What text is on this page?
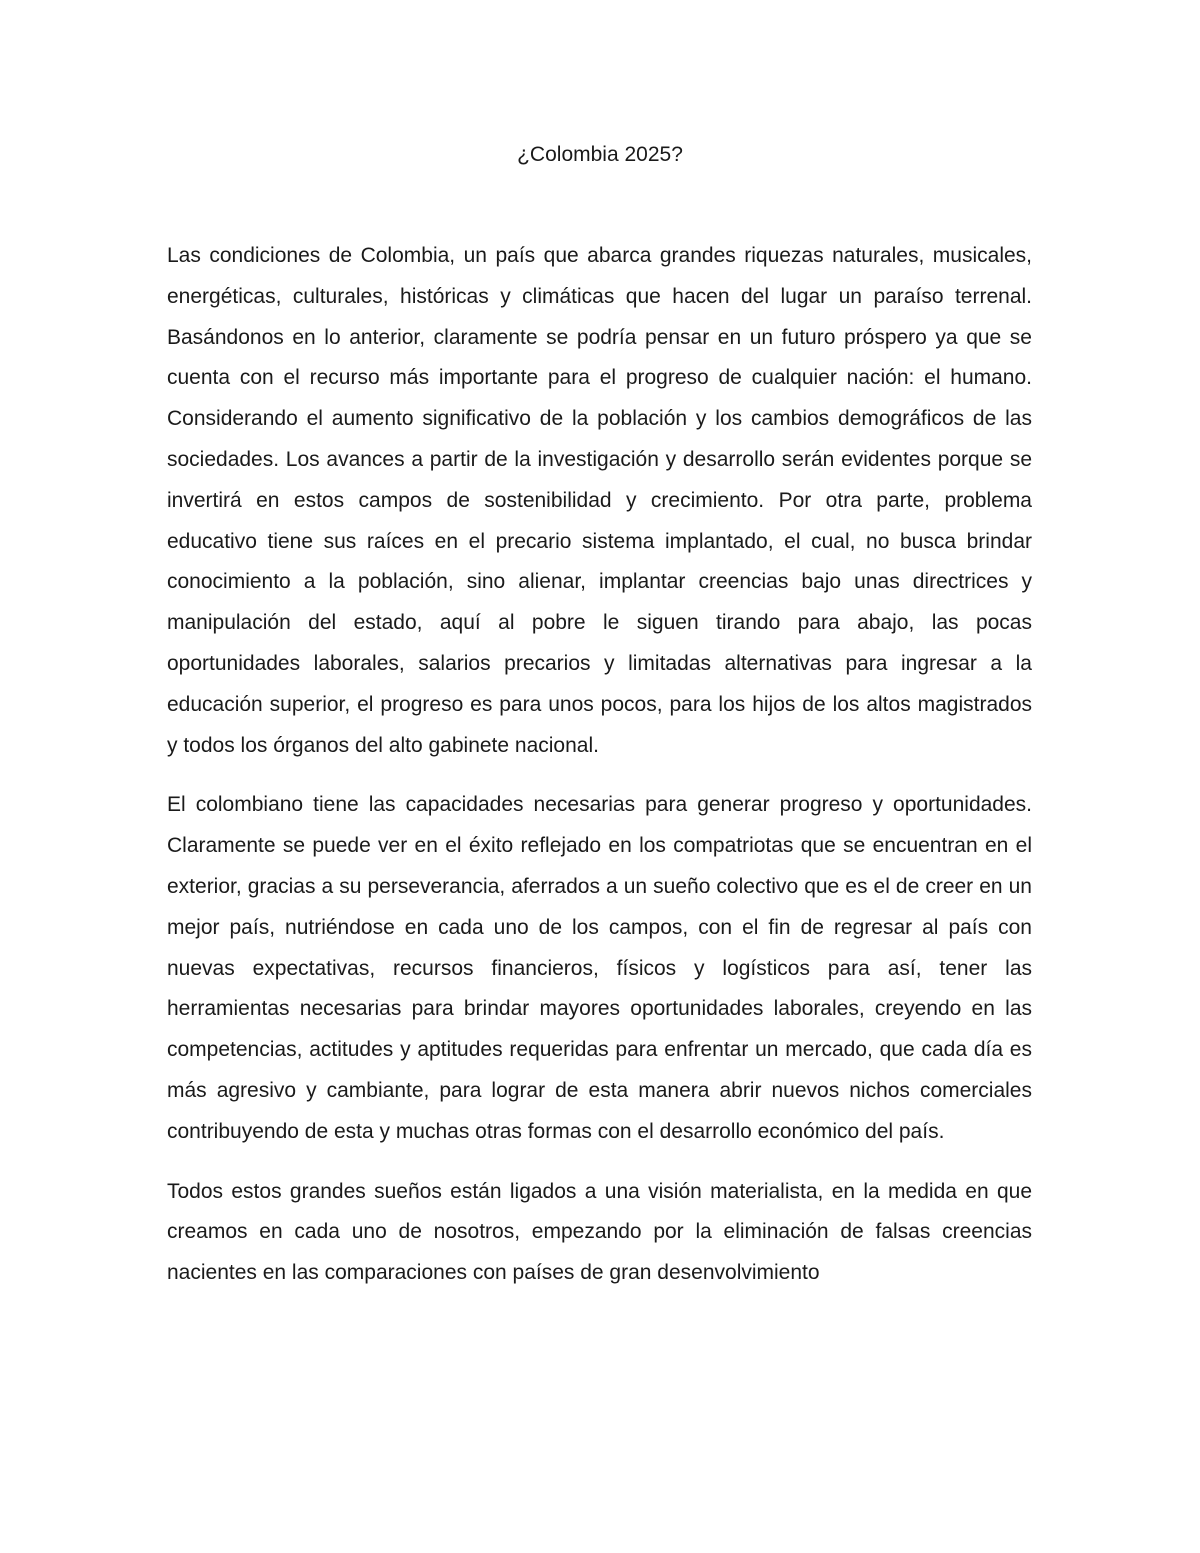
¿Colombia 2025?

Las condiciones de Colombia, un país que abarca grandes riquezas naturales, musicales, energéticas, culturales, históricas y climáticas que hacen del lugar un paraíso terrenal. Basándonos en lo anterior, claramente se podría pensar en un futuro próspero ya que se cuenta con el recurso más importante para el progreso de cualquier nación: el humano. Considerando el aumento significativo de la población y los cambios demográficos de las sociedades. Los avances a partir de la investigación y desarrollo serán evidentes porque se invertirá en estos campos de sostenibilidad y crecimiento. Por otra parte, problema educativo tiene sus raíces en el precario sistema implantado, el cual, no busca brindar conocimiento a la población, sino alienar, implantar creencias bajo unas directrices y manipulación del estado, aquí al pobre le siguen tirando para abajo, las pocas oportunidades laborales, salarios precarios y limitadas alternativas para ingresar a la educación superior, el progreso es para unos pocos, para los hijos de los altos magistrados y todos los órganos del alto gabinete nacional.

El colombiano tiene las capacidades necesarias para generar progreso y oportunidades. Claramente se puede ver en el éxito reflejado en los compatriotas que se encuentran en el exterior, gracias a su perseverancia, aferrados a un sueño colectivo que es el de creer en un mejor país, nutriéndose en cada uno de los campos, con el fin de regresar al país con nuevas expectativas, recursos financieros, físicos y logísticos para así, tener las herramientas necesarias para brindar mayores oportunidades laborales, creyendo en las competencias, actitudes y aptitudes requeridas para enfrentar un mercado, que cada día es más agresivo y cambiante, para lograr de esta manera abrir nuevos nichos comerciales contribuyendo de esta y muchas otras formas con el desarrollo económico del país.

Todos estos grandes sueños están ligados a una visión materialista, en la medida en que creamos en cada uno de nosotros, empezando por la eliminación de falsas creencias nacientes en las comparaciones con países de gran desenvolvimiento
